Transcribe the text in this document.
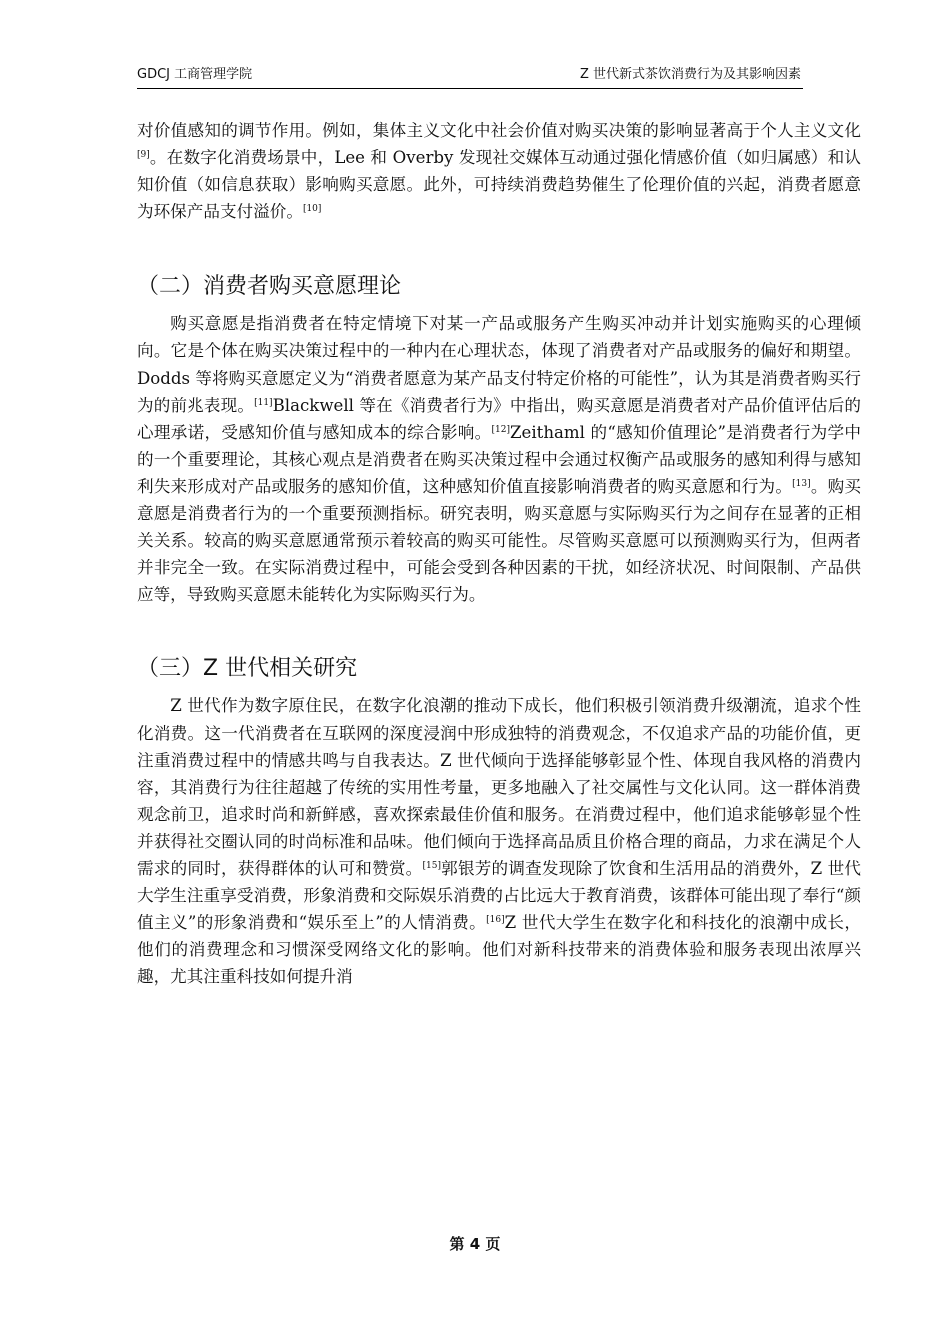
GDCJ 工商管理学院	Z 世代新式茶饮消费行为及其影响因素

对价值感知的调节作用。例如，集体主义文化中社会价值对购买决策的影响显著高于个人主义文化[9]。在数字化消费场景中，Lee 和 Overby 发现社交媒体互动通过强化情感价值（如归属感）和认知价值（如信息获取）影响购买意愿。此外，可持续消费趋势催生了伦理价值的兴起，消费者愿意为环保产品支付溢价。[10]

（二）消费者购买意愿理论

购买意愿是指消费者在特定情境下对某一产品或服务产生购买冲动并计划实施购买的心理倾向。它是个体在购买决策过程中的一种内在心理状态，体现了消费者对产品或服务的偏好和期望。Dodds 等将购买意愿定义为“消费者愿意为某产品支付特定价格的可能性”，认为其是消费者购买行为的前兆表现。[11]Blackwell 等在《消费者行为》中指出，购买意愿是消费者对产品价值评估后的心理承诺，受感知价值与感知成本的综合影响。[12]Zeithaml 的“感知价值理论”是消费者行为学中的一个重要理论，其核心观点是消费者在购买决策过程中会通过权衡产品或服务的感知利得与感知利失来形成对产品或服务的感知价值，这种感知价值直接影响消费者的购买意愿和行为。[13]。购买意愿是消费者行为的一个重要预测指标。研究表明，购买意愿与实际购买行为之间存在显著的正相关关系。较高的购买意愿通常预示着较高的购买可能性。尽管购买意愿可以预测购买行为，但两者并非完全一致。在实际消费过程中，可能会受到各种因素的干扰，如经济状况、时间限制、产品供应等，导致购买意愿未能转化为实际购买行为。

（三）Z 世代相关研究

Z 世代作为数字原住民，在数字化浪潮的推动下成长，他们积极引领消费升级潮流，追求个性化消费。这一代消费者在互联网的深度浸润中形成独特的消费观念，不仅追求产品的功能价值，更注重消费过程中的情感共鸣与自我表达。Z 世代倾向于选择能够彰显个性、体现自我风格的消费内容，其消费行为往往超越了传统的实用性考量，更多地融入了社交属性与文化认同。这一群体消费观念前卫，追求时尚和新鲜感，喜欢探索最佳价值和服务。在消费过程中，他们追求能够彰显个性并获得社交圈认同的时尚标准和品味。他们倾向于选择高品质且价格合理的商品，力求在满足个人需求的同时，获得群体的认可和赞赏。[15]郭银芳的调查发现除了饮食和生活用品的消费外，Z 世代大学生注重享受消费，形象消费和交际娱乐消费的占比远大于教育消费，该群体可能出现了奉行“颜值主义”的形象消费和“娱乐至上”的人情消费。[16]Z 世代大学生在数字化和科技化的浪潮中成长，他们的消费理念和习惯深受网络文化的影响。他们对新科技带来的消费体验和服务表现出浓厚兴趣，尤其注重科技如何提升消

第 4 页
